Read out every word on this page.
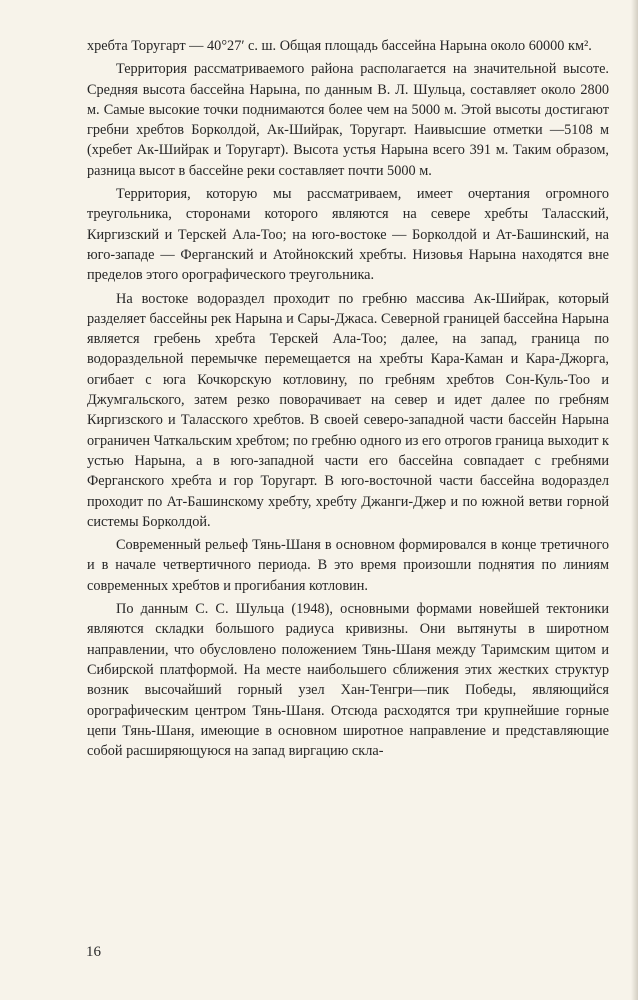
хребта Торугарт — 40°27′ с. ш. Общая площадь бассейна Нарына около 60000 км².

Территория рассматриваемого района располагается на значительной высоте. Средняя высота бассейна Нарына, по данным В. Л. Шульца, составляет около 2800 м. Самые высокие точки поднимаются более чем на 5000 м. Этой высоты достигают гребни хребтов Борколдой, Ак-Шийрак, Торугарт. Наивысшие отметки —5108 м (хребет Ак-Шийрак и Торугарт). Высота устья Нарына всего 391 м. Таким образом, разница высот в бассейне реки составляет почти 5000 м.

Территория, которую мы рассматриваем, имеет очертания огромного треугольника, сторонами которого являются на севере хребты Таласский, Киргизский и Терскей Ала-Тоо; на юго-востоке — Борколдой и Ат-Башинский, на юго-западе — Ферганский и Атойнокский хребты. Низовья Нарына находятся вне пределов этого орографического треугольника.

На востоке водораздел проходит по гребню массива Ак-Шийрак, который разделяет бассейны рек Нарына и Сары-Джаса. Северной границей бассейна Нарына является гребень хребта Терскей Ала-Тоо; далее, на запад, граница по водораздельной перемычке перемещается на хребты Кара-Каман и Кара-Джорга, огибает с юга Кочкорскую котловину, по гребням хребтов Сон-Куль-Тоо и Джумгальского, затем резко поворачивает на север и идет далее по гребням Киргизского и Таласского хребтов. В своей северо-западной части бассейн Нарына ограничен Чаткальским хребтом; по гребню одного из его отрогов граница выходит к устью Нарына, а в юго-западной части его бассейна совпадает с гребнями Ферганского хребта и гор Торугарт. В юго-восточной части бассейна водораздел проходит по Ат-Башинскому хребту, хребту Джанги-Джер и по южной ветви горной системы Борколдой.

Современный рельеф Тянь-Шаня в основном формировался в конце третичного и в начале четвертичного периода. В это время произошли поднятия по линиям современных хребтов и прогибания котловин.

По данным С. С. Шульца (1948), основными формами новейшей тектоники являются складки большого радиуса кривизны. Они вытянуты в широтном направлении, что обусловлено положением Тянь-Шаня между Таримским щитом и Сибирской платформой. На месте наибольшего сближения этих жестких структур возник высочайший горный узел Хан-Тенгри—пик Победы, являющийся орографическим центром Тянь-Шаня. Отсюда расходятся три крупнейшие горные цепи Тянь-Шаня, имеющие в основном широтное направление и представляющие собой расширяющуюся на запад виргацию скла-

16
